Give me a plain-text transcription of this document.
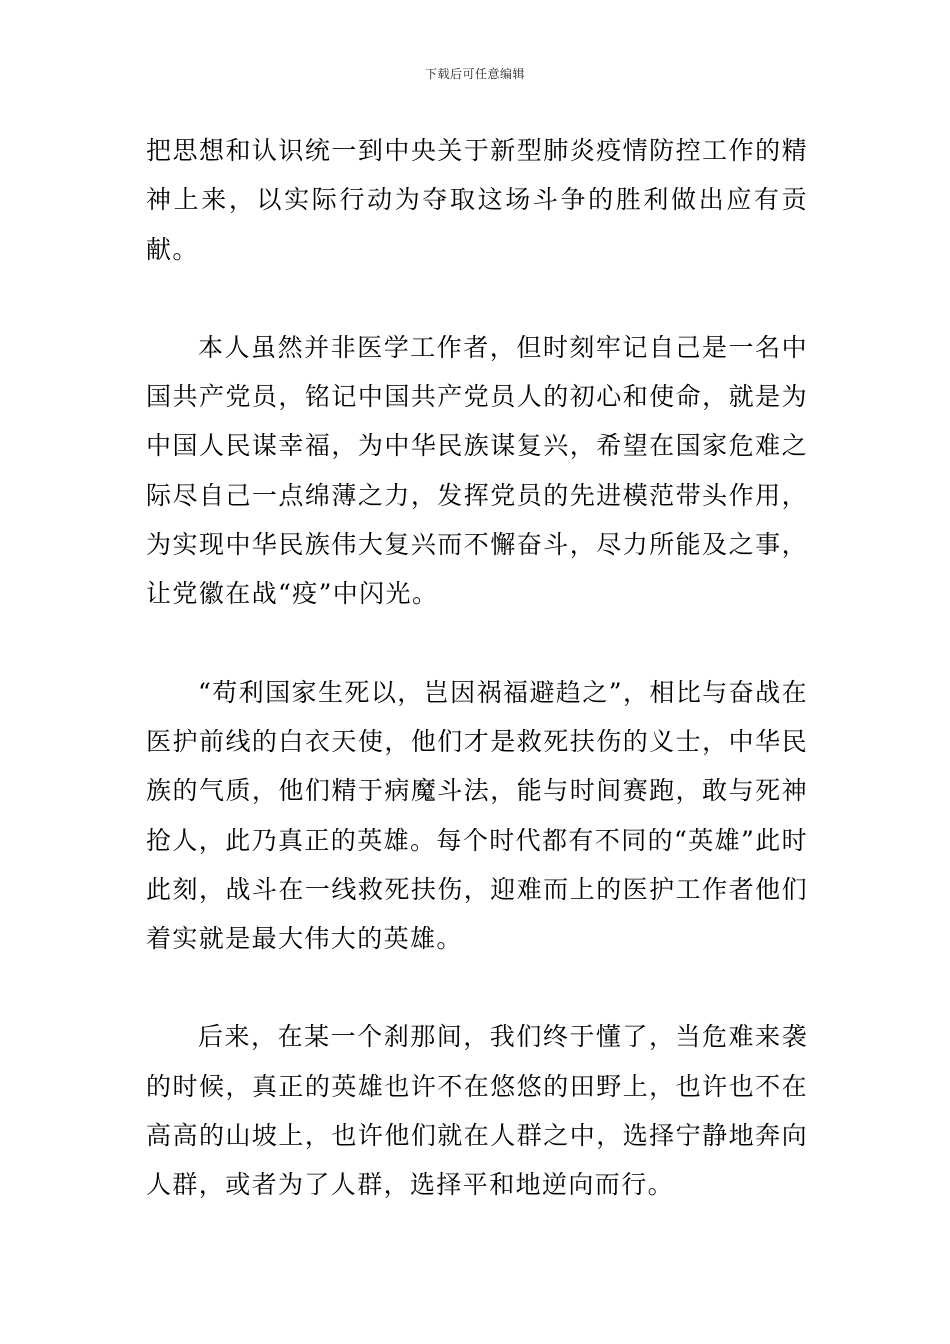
下载后可任意编辑

把思想和认识统一到中央关于新型肺炎疫情防控工作的精神上来，以实际行动为夺取这场斗争的胜利做出应有贡献。

本人虽然并非医学工作者，但时刻牢记自己是一名中国共产党员，铭记中国共产党员人的初心和使命，就是为中国人民谋幸福，为中华民族谋复兴，希望在国家危难之际尽自己一点绵薄之力，发挥党员的先进模范带头作用，为实现中华民族伟大复兴而不懈奋斗，尽力所能及之事，让党徽在战“疫”中闪光。

“苟利国家生死以，岂因祸福避趋之”，相比与奋战在医护前线的白衣天使，他们才是救死扶伤的义士，中华民族的气质，他们精于病魔斗法，能与时间赛跑，敢与死神抢人，此乃真正的英雄。每个时代都有不同的“英雄”此时此刻，战斗在一线救死扶伤，迎难而上的医护工作者他们着实就是最大伟大的英雄。

后来，在某一个刹那间，我们终于懂了，当危难来袭的时候，真正的英雄也许不在悠悠的田野上，也许也不在高高的山坡上，也许他们就在人群之中，选择宁静地奔向人群，或者为了人群，选择平和地逆向而行。
